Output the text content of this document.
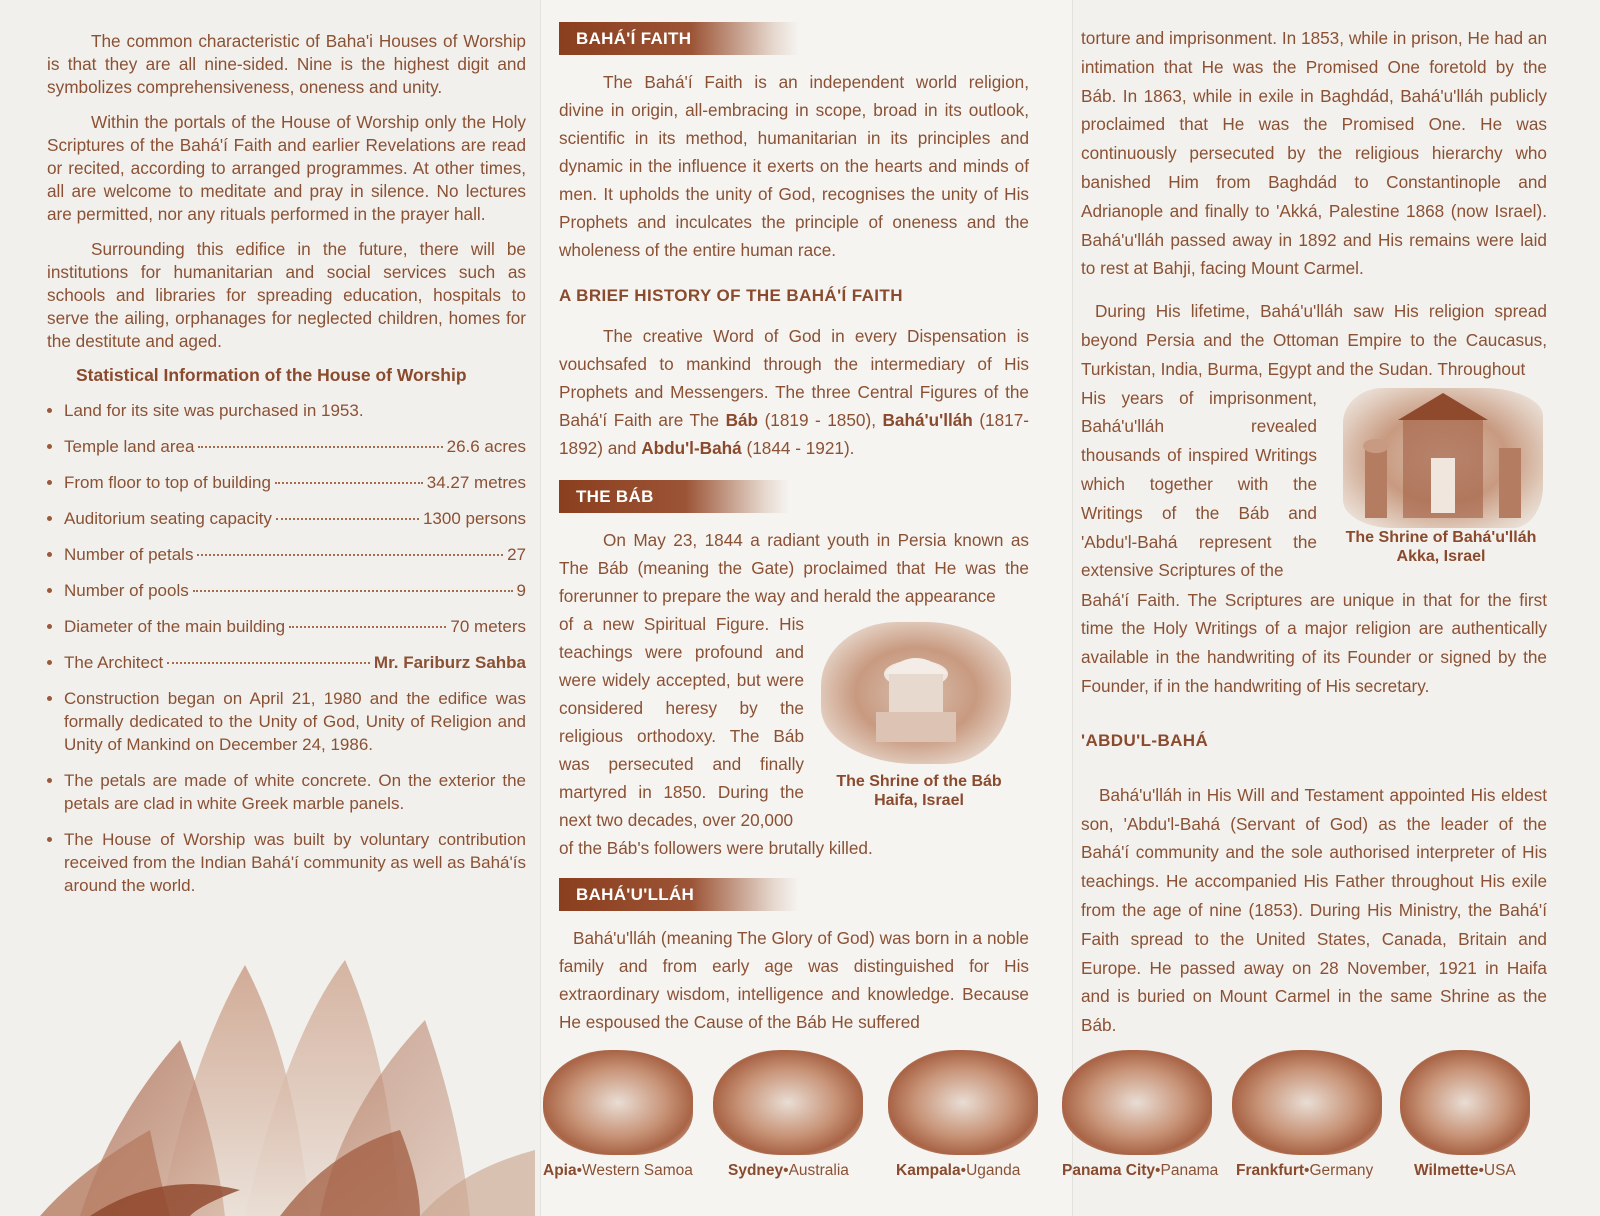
The common characteristic of Baha'i Houses of Worship is that they are all nine-sided. Nine is the highest digit and symbolizes comprehensiveness, oneness and unity.

Within the portals of the House of Worship only the Holy Scriptures of the Bahá'í Faith and earlier Revelations are read or recited, according to arranged programmes. At other times, all are welcome to meditate and pray in silence. No lectures are permitted, nor any rituals performed in the prayer hall.

Surrounding this edifice in the future, there will be institutions for humanitarian and social services such as schools and libraries for spreading education, hospitals to serve the ailing, orphanages for neglected children, homes for the destitute and aged.

Statistical Information of the House of Worship
Land for its site was purchased in 1953.
Temple land area	26.6 acres
From floor to top of building	34.27 metres
Auditorium seating capacity	1300 persons
Number of petals	27
Number of pools	9
Diameter of the main building	70 meters
The Architect	Mr. Fariburz Sahba
Construction began on April 21, 1980 and the edifice was formally dedicated to the Unity of God, Unity of Religion and Unity of Mankind on December 24, 1986.
The petals are made of white concrete. On the exterior the petals are clad in white Greek marble panels.
The House of Worship was built by voluntary contribution received from the Indian Bahá'í community as well as Bahá'ís around the world.
BAHÁ'Í FAITH

The Bahá'í Faith is an independent world religion, divine in origin, all-embracing in scope, broad in its outlook, scientific in its method, humanitarian in its principles and dynamic in the influence it exerts on the hearts and minds of men. It upholds the unity of God, recognises the unity of His Prophets and inculcates the principle of oneness and the wholeness of the entire human race.

A BRIEF HISTORY OF THE BAHÁ'Í FAITH

The creative Word of God in every Dispensation is vouchsafed to mankind through the intermediary of His Prophets and Messengers. The three Central Figures of the Bahá'í Faith are The Báb (1819 - 1850), Bahá'u'lláh (1817-1892) and Abdu'l-Bahá (1844 - 1921).

THE BÁB

On May 23, 1844 a radiant youth in Persia known as The Báb (meaning the Gate) proclaimed that He was the forerunner to prepare the way and herald the appearance

of a new Spiritual Figure. His teachings were profound and were widely accepted, but were considered heresy by the religious orthodoxy. The Báb was persecuted and finally martyred in 1850. During the next two decades, over 20,000

The Shrine of the Báb
Haifa, Israel

of the Báb's followers were brutally killed.

BAHÁ'U'LLÁH

Bahá'u'lláh (meaning The Glory of God) was born in a noble family and from early age was distinguished for His extraordinary wisdom, intelligence and knowledge. Because He espoused the Cause of the Báb He suffered

torture and imprisonment. In 1853, while in prison, He had an intimation that He was the Promised One foretold by the Báb. In 1863, while in exile in Baghdád, Bahá'u'lláh publicly proclaimed that He was the Promised One. He was continuously persecuted by the religious hierarchy who banished Him from Baghdád to Constantinople and Adrianople and finally to 'Akká, Palestine 1868 (now Israel). Bahá'u'lláh passed away in 1892 and His remains were laid to rest at Bahji, facing Mount Carmel.

During His lifetime, Bahá'u'lláh saw His religion spread beyond Persia and the Ottoman Empire to the Caucasus, Turkistan, India, Burma, Egypt and the Sudan. Throughout

His years of imprisonment, Bahá'u'lláh revealed thousands of inspired Writings which together with the Writings of the Báb and 'Abdu'l-Bahá represent the extensive Scriptures of the

The Shrine of Bahá'u'lláh
Akka, Israel

Bahá'í Faith. The Scriptures are unique in that for the first time the Holy Writings of a major religion are authentically available in the handwriting of its Founder or signed by the Founder, if in the handwriting of His secretary.

'ABDU'L-BAHÁ

Bahá'u'lláh in His Will and Testament appointed His eldest son, 'Abdu'l-Bahá (Servant of God) as the leader of the Bahá'í community and the sole authorised interpreter of His teachings. He accompanied His Father throughout His exile from the age of nine (1853). During His Ministry, the Bahá'í Faith spread to the United States, Canada, Britain and Europe. He passed away on 28 November, 1921 in Haifa and is buried on Mount Carmel in the same Shrine as the Báb.

Apia•Western Samoa Sydney•Australia	Kampala•Uganda	Panama City•Panama Frankfurt•Germany	Wilmette•USA
